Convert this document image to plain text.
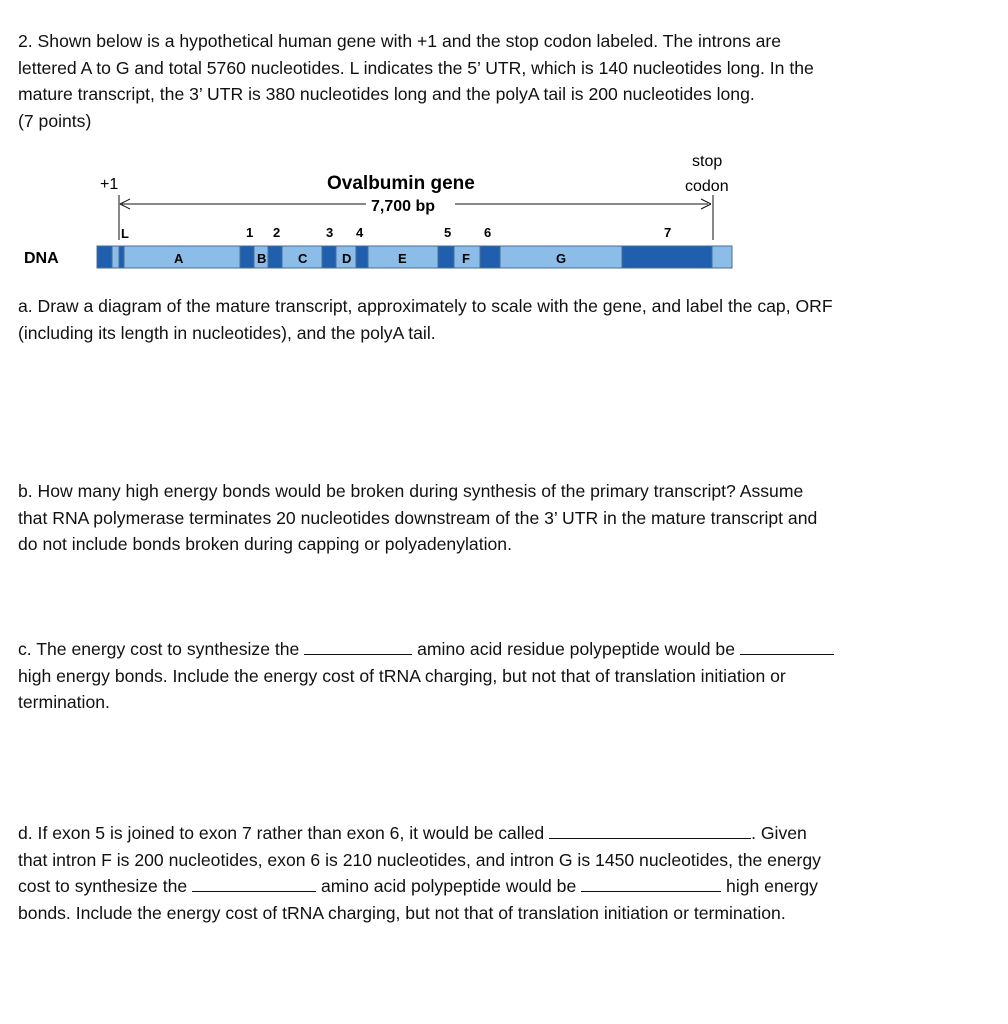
2. Shown below is a hypothetical human gene with +1 and the stop codon labeled. The introns are
lettered A to G and total 5760 nucleotides. L indicates the 5’ UTR, which is 140 nucleotides long. In the
mature transcript, the 3’ UTR is 380 nucleotides long and the polyA tail is 200 nucleotides long.
(7 points)
DNA
+1	Ovalbumin gene
7,700 bp
stop
codon
L	1 2	3 4	5	6	7
A	B C	D	E	F	G
a. Draw a diagram of the mature transcript, approximately to scale with the gene, and label the cap, ORF
(including its length in nucleotides), and the polyA tail.
b. How many high energy bonds would be broken during synthesis of the primary transcript? Assume
that RNA polymerase terminates 20 nucleotides downstream of the 3’ UTR in the mature transcript and
do not include bonds broken during capping or polyadenylation.
c. The energy cost to synthesize the	amino acid residue polypeptide would be
high energy bonds. Include the energy cost of tRNA charging, but not that of translation initiation or
termination.
d. If exon 5 is joined to exon 7 rather than exon 6, it would be called	. Given
that intron F is 200 nucleotides, exon 6 is 210 nucleotides, and intron G is 1450 nucleotides, the energy
cost to synthesize the	amino acid polypeptide would be	high energy
bonds. Include the energy cost of tRNA charging, but not that of translation initiation or termination.
